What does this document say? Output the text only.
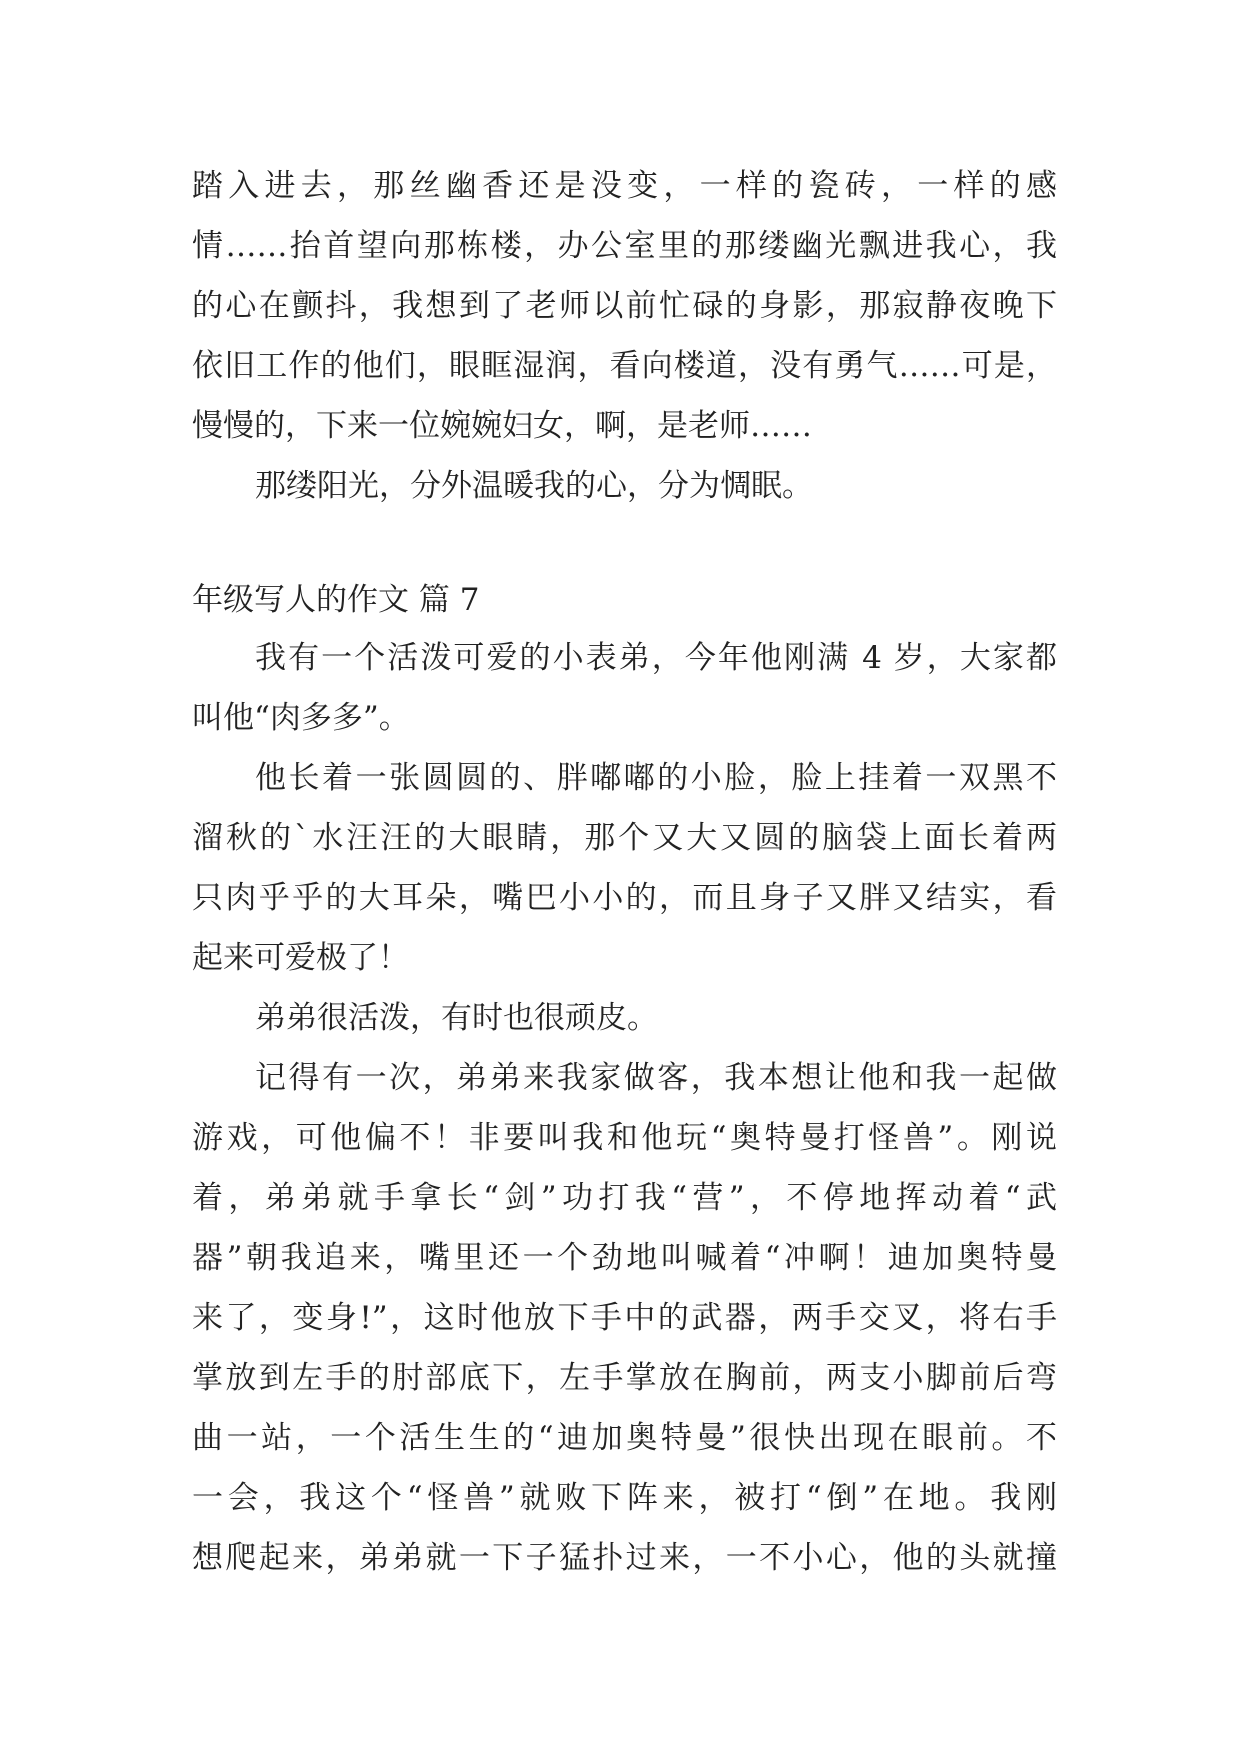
踏入进去，那丝幽香还是没变，一样的瓷砖，一样的感
情……抬首望向那栋楼，办公室里的那缕幽光飘进我心，我
的心在颤抖，我想到了老师以前忙碌的身影，那寂静夜晚下
依旧工作的他们，眼眶湿润，看向楼道，没有勇气……可是，
慢慢的，下来一位婉婉妇女，啊，是老师……
那缕阳光，分外温暖我的心，分为惆眠。
年级写人的作文 篇 7
我有一个活泼可爱的小表弟，今年他刚满 4 岁，大家都
叫他“肉多多”。
他长着一张圆圆的、胖嘟嘟的小脸，脸上挂着一双黑不
溜秋的`水汪汪的大眼睛，那个又大又圆的脑袋上面长着两
只肉乎乎的大耳朵，嘴巴小小的，而且身子又胖又结实，看
起来可爱极了！
弟弟很活泼，有时也很顽皮。
记得有一次，弟弟来我家做客，我本想让他和我一起做
游戏，可他偏不！非要叫我和他玩“奥特曼打怪兽”。刚说
着，弟弟就手拿长“剑”功打我“营”，不停地挥动着“武
器”朝我追来，嘴里还一个劲地叫喊着“冲啊！迪加奥特曼
来了，变身!”，这时他放下手中的武器，两手交叉，将右手
掌放到左手的肘部底下，左手掌放在胸前，两支小脚前后弯
曲一站，一个活生生的“迪加奥特曼”很快出现在眼前。不
一会，我这个“怪兽”就败下阵来，被打“倒”在地。我刚
想爬起来，弟弟就一下子猛扑过来，一不小心，他的头就撞
